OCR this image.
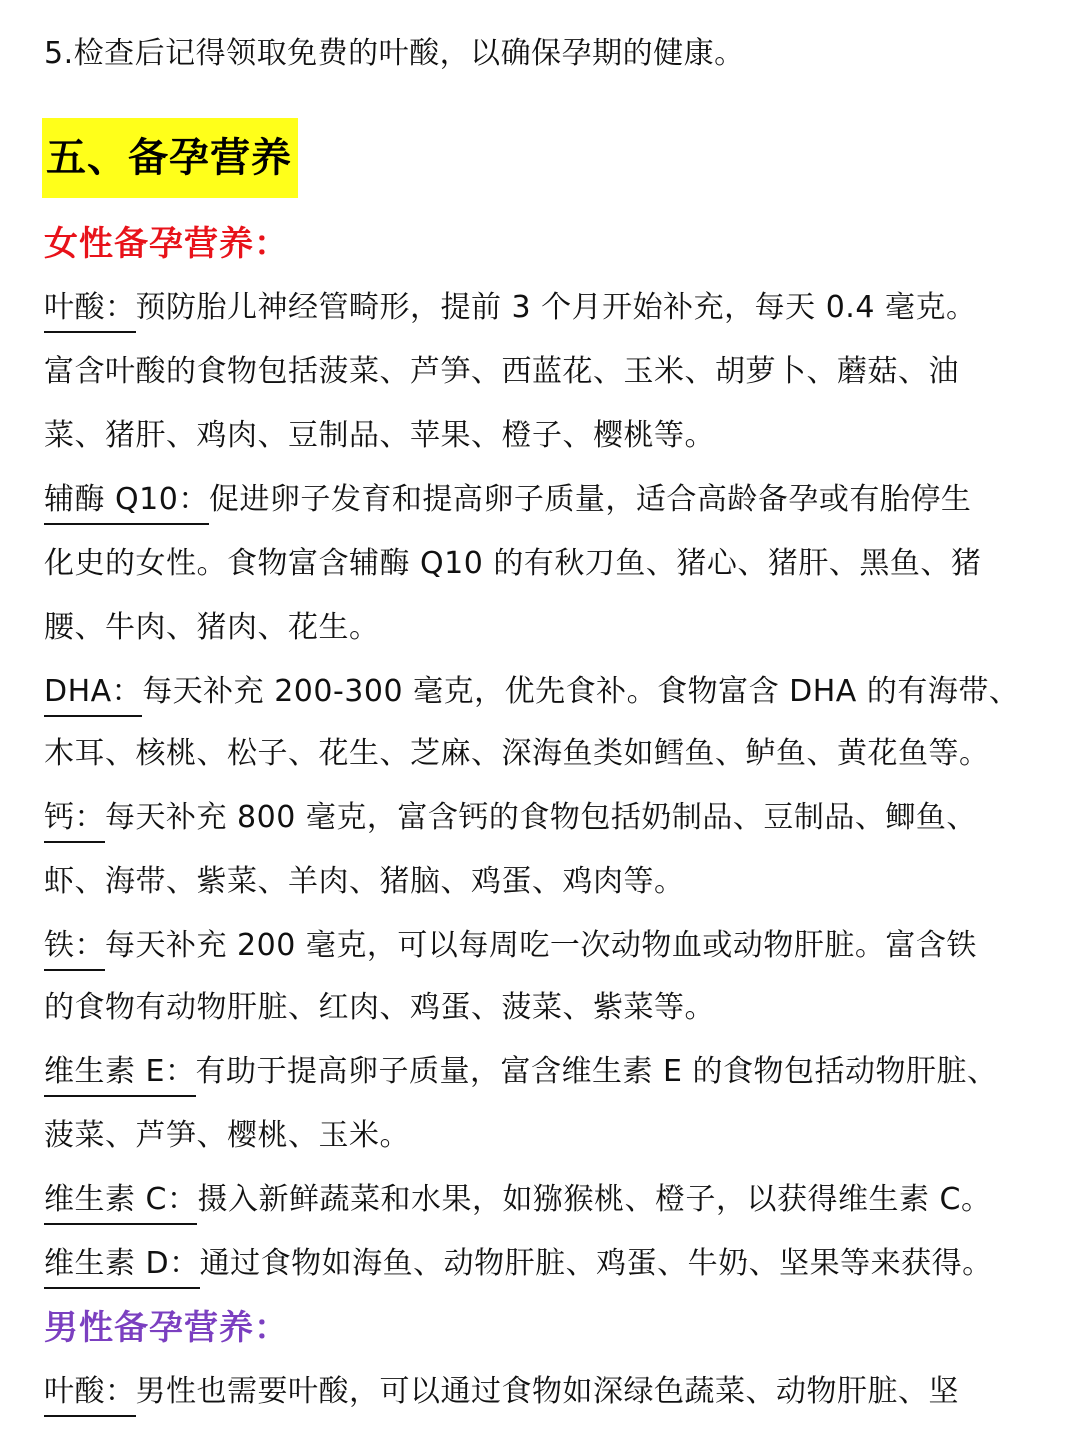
5.检查后记得领取免费的叶酸，以确保孕期的健康。
五、备孕营养
女性备孕营养：
叶酸：预防胎儿神经管畸形，提前 3 个月开始补充，每天 0.4 毫克。
富含叶酸的食物包括菠菜、芦笋、西蓝花、玉米、胡萝卜、蘑菇、油
菜、猪肝、鸡肉、豆制品、苹果、橙子、樱桃等。
辅酶 Q10：促进卵子发育和提高卵子质量，适合高龄备孕或有胎停生
化史的女性。食物富含辅酶 Q10 的有秋刀鱼、猪心、猪肝、黑鱼、猪
腰、牛肉、猪肉、花生。
DHA：每天补充 200-300 毫克，优先食补。食物富含 DHA 的有海带、
木耳、核桃、松子、花生、芝麻、深海鱼类如鳕鱼、鲈鱼、黄花鱼等。
钙：每天补充 800 毫克，富含钙的食物包括奶制品、豆制品、鲫鱼、
虾、海带、紫菜、羊肉、猪脑、鸡蛋、鸡肉等。
铁：每天补充 200 毫克，可以每周吃一次动物血或动物肝脏。富含铁
的食物有动物肝脏、红肉、鸡蛋、菠菜、紫菜等。
维生素 E：有助于提高卵子质量，富含维生素 E 的食物包括动物肝脏、
菠菜、芦笋、樱桃、玉米。
维生素 C：摄入新鲜蔬菜和水果，如猕猴桃、橙子，以获得维生素 C。
维生素 D：通过食物如海鱼、动物肝脏、鸡蛋、牛奶、坚果等来获得。
男性备孕营养：
叶酸：男性也需要叶酸，可以通过食物如深绿色蔬菜、动物肝脏、坚
